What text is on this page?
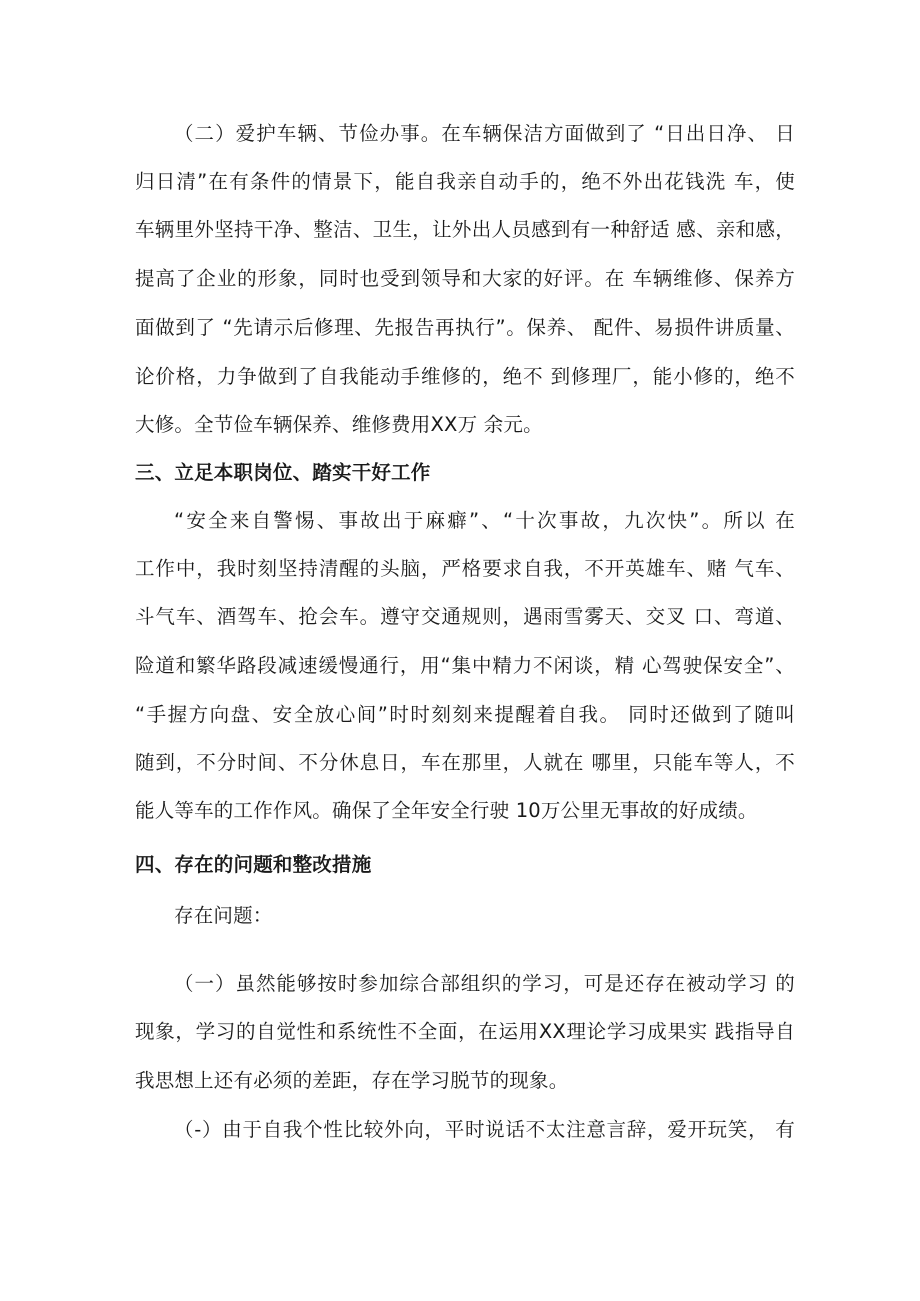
（二）爱护车辆、节俭办事。在车辆保洁方面做到了 “日出日净、 日
归日清”在有条件的情景下，能自我亲自动手的，绝不外出花钱洗 车，使
车辆里外坚持干净、整洁、卫生，让外出人员感到有一种舒适 感、亲和感，
提高了企业的形象，同时也受到领导和大家的好评。在 车辆维修、保养方
面做到了 “先请示后修理、先报告再执行”。保养、 配件、易损件讲质量、
论价格，力争做到了自我能动手维修的，绝不 到修理厂，能小修的，绝不
大修。全节俭车辆保养、维修费用XX万 余元。
三、立足本职岗位、踏实干好工作
“安全来自警惕、事故出于麻癖”、“十次事故，九次快”。所以 在
工作中，我时刻坚持清醒的头脑，严格要求自我，不开英雄车、赌 气车、
斗气车、酒驾车、抢会车。遵守交通规则，遇雨雪雾天、交叉 口、弯道、
险道和繁华路段减速缓慢通行，用“集中精力不闲谈，精 心驾驶保安全”、
“手握方向盘、安全放心间”时时刻刻来提醒着自我。 同时还做到了随叫
随到，不分时间、不分休息日，车在那里，人就在 哪里，只能车等人，不
能人等车的工作作风。确保了全年安全行驶 10万公里无事故的好成绩。
四、存在的问题和整改措施
存在问题：
（一）虽然能够按时参加综合部组织的学习，可是还存在被动学习 的
现象，学习的自觉性和系统性不全面，在运用XX理论学习成果实 践指导自
我思想上还有必须的差距，存在学习脱节的现象。
（-）由于自我个性比较外向，平时说话不太注意言辞，爱开玩笑， 有
